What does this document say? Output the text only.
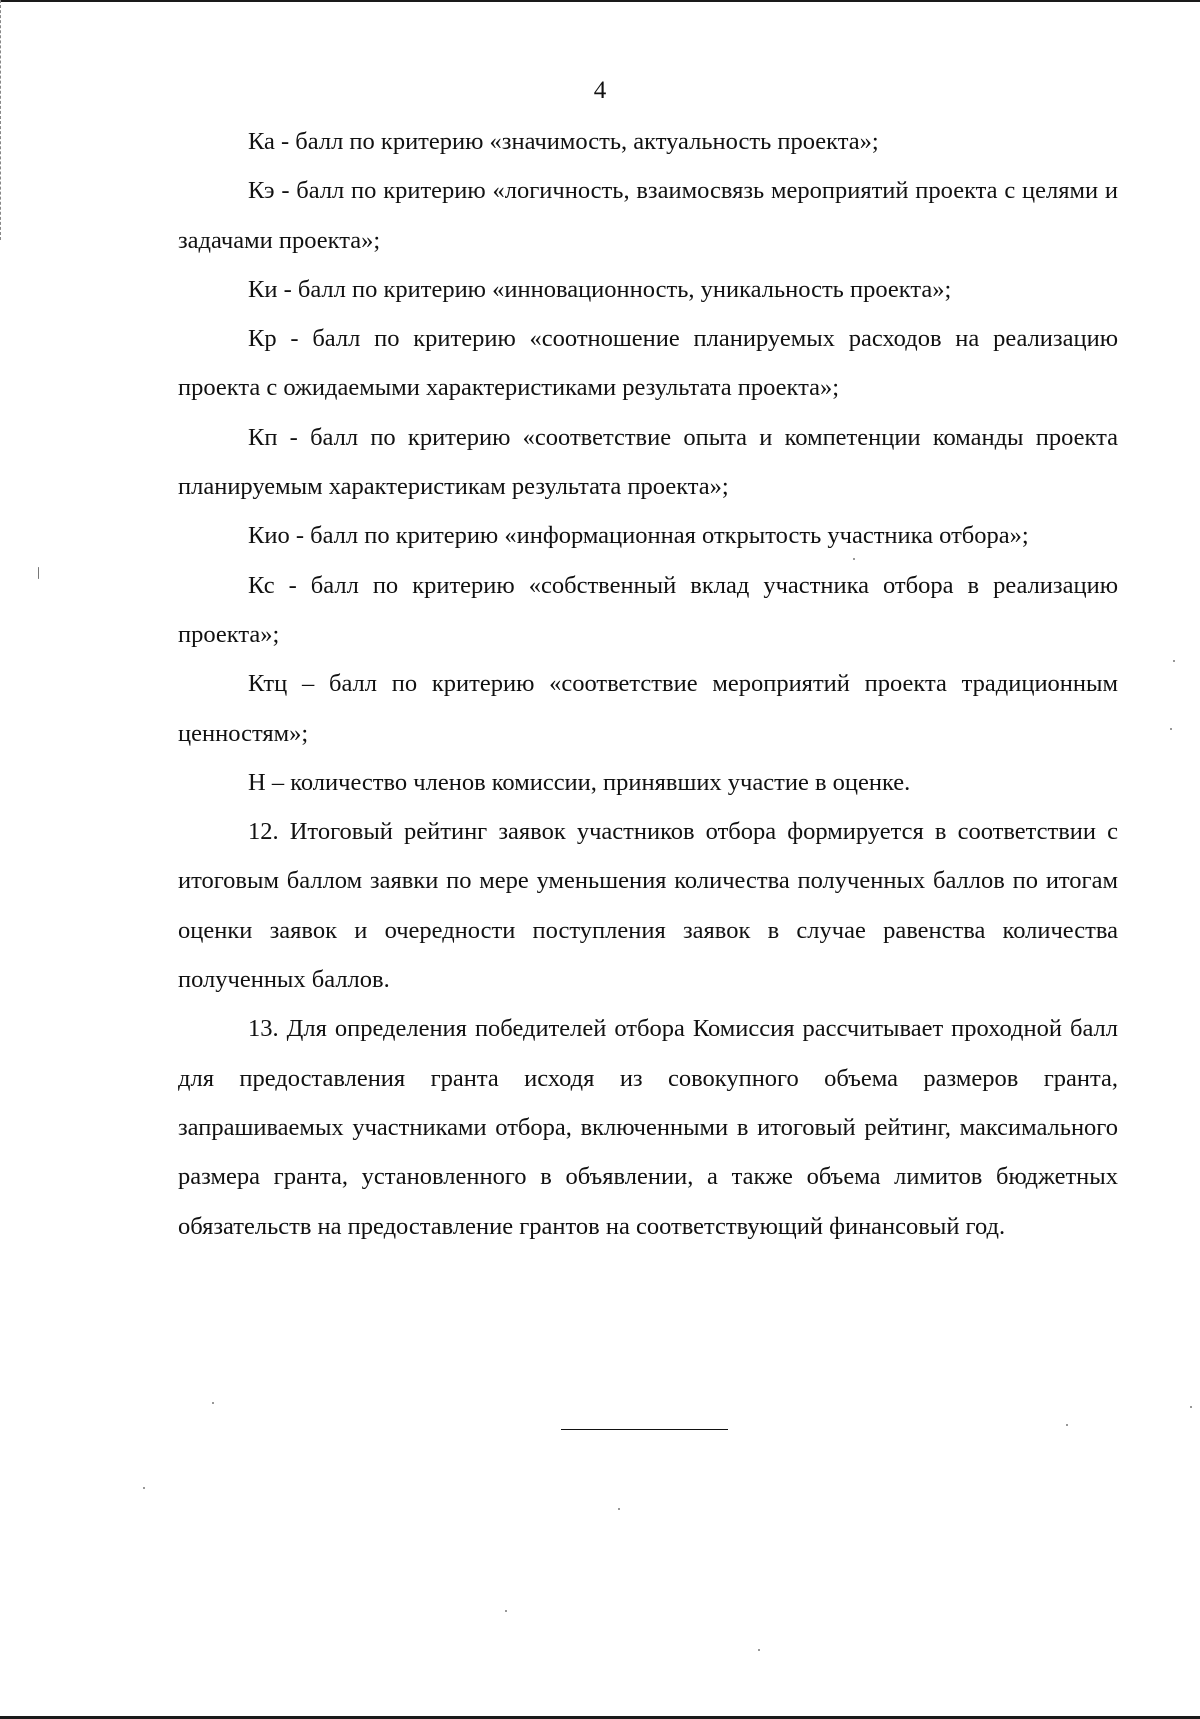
4

Ка - балл по критерию «значимость, актуальность проекта»;

Кэ - балл по критерию «логичность, взаимосвязь мероприятий проекта с целями и задачами проекта»;

Ки - балл по критерию «инновационность, уникальность проекта»;

Кр - балл по критерию «соотношение планируемых расходов на реализацию проекта с ожидаемыми характеристиками результата проекта»;

Кп - балл по критерию «соответствие опыта и компетенции команды проекта планируемым характеристикам результата проекта»;

Кио - балл по критерию «информационная открытость участника отбора»;

Кс - балл по критерию «собственный вклад участника отбора в реализацию проекта»;

Ктц – балл по критерию «соответствие мероприятий проекта традиционным ценностям»;

Н – количество членов комиссии, принявших участие в оценке.

12. Итоговый рейтинг заявок участников отбора формируется в соответствии с итоговым баллом заявки по мере уменьшения количества полученных баллов по итогам оценки заявок и очередности поступления заявок в случае равенства количества полученных баллов.

13. Для определения победителей отбора Комиссия рассчитывает проходной балл для предоставления гранта исходя из совокупного объема размеров гранта, запрашиваемых участниками отбора, включенными в итоговый рейтинг, максимального размера гранта, установленного в объявлении, а также объема лимитов бюджетных обязательств на предоставление грантов на соответствующий финансовый год.
